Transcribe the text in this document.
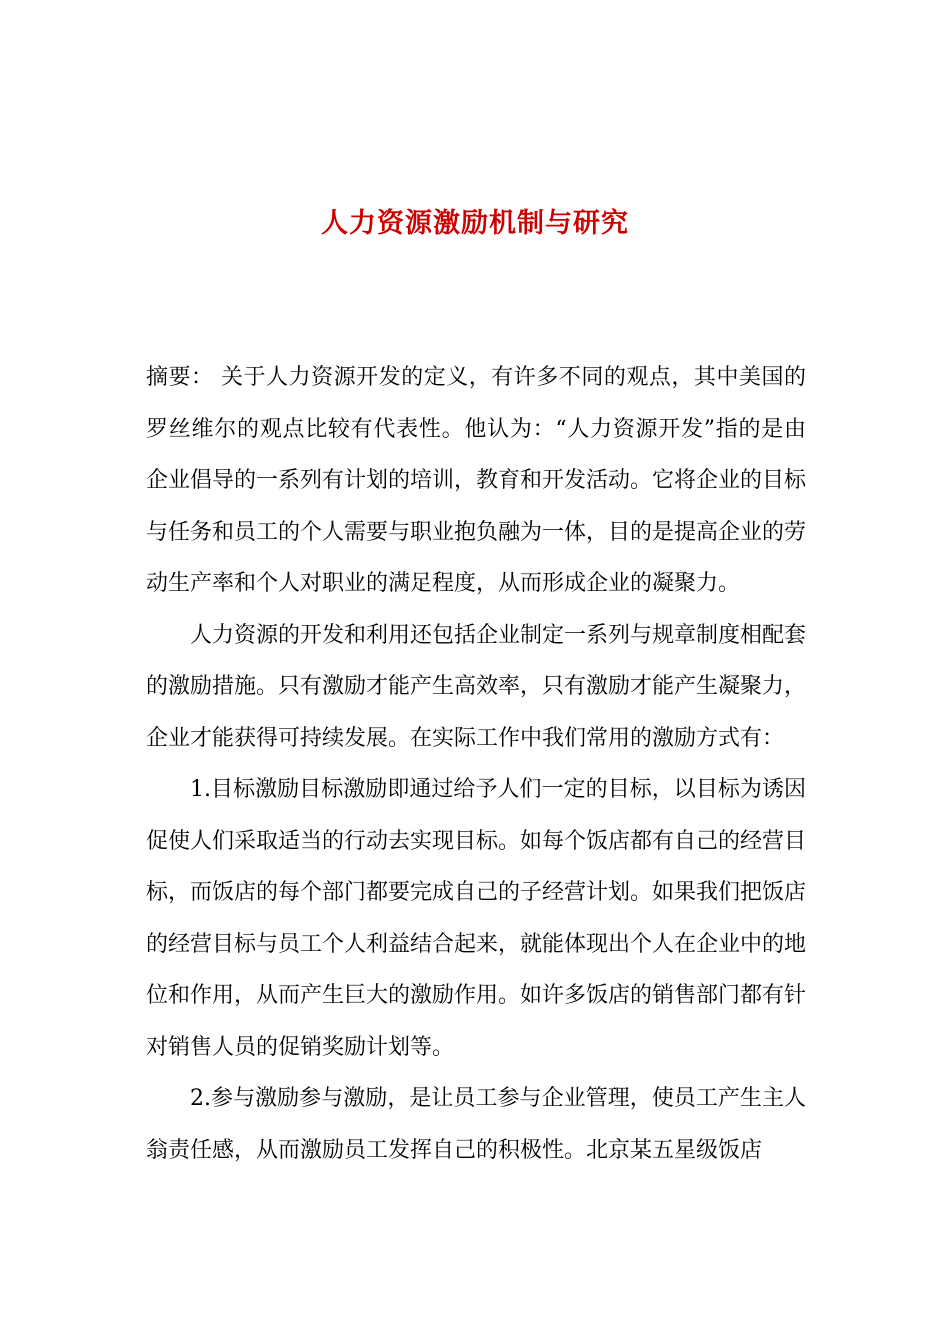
人力资源激励机制与研究

摘要： 关于人力资源开发的定义，有许多不同的观点，其中美国的罗丝维尔的观点比较有代表性。他认为：“人力资源开发”指的是由企业倡导的一系列有计划的培训，教育和开发活动。它将企业的目标与任务和员工的个人需要与职业抱负融为一体，目的是提高企业的劳动生产率和个人对职业的满足程度，从而形成企业的凝聚力。

人力资源的开发和利用还包括企业制定一系列与规章制度相配套的激励措施。只有激励才能产生高效率，只有激励才能产生凝聚力，企业才能获得可持续发展。在实际工作中我们常用的激励方式有：

1.目标激励目标激励即通过给予人们一定的目标，以目标为诱因促使人们采取适当的行动去实现目标。如每个饭店都有自己的经营目标，而饭店的每个部门都要完成自己的子经营计划。如果我们把饭店的经营目标与员工个人利益结合起来，就能体现出个人在企业中的地位和作用，从而产生巨大的激励作用。如许多饭店的销售部门都有针对销售人员的促销奖励计划等。

2.参与激励参与激励，是让员工参与企业管理，使员工产生主人翁责任感，从而激励员工发挥自己的积极性。北京某五星级饭店
